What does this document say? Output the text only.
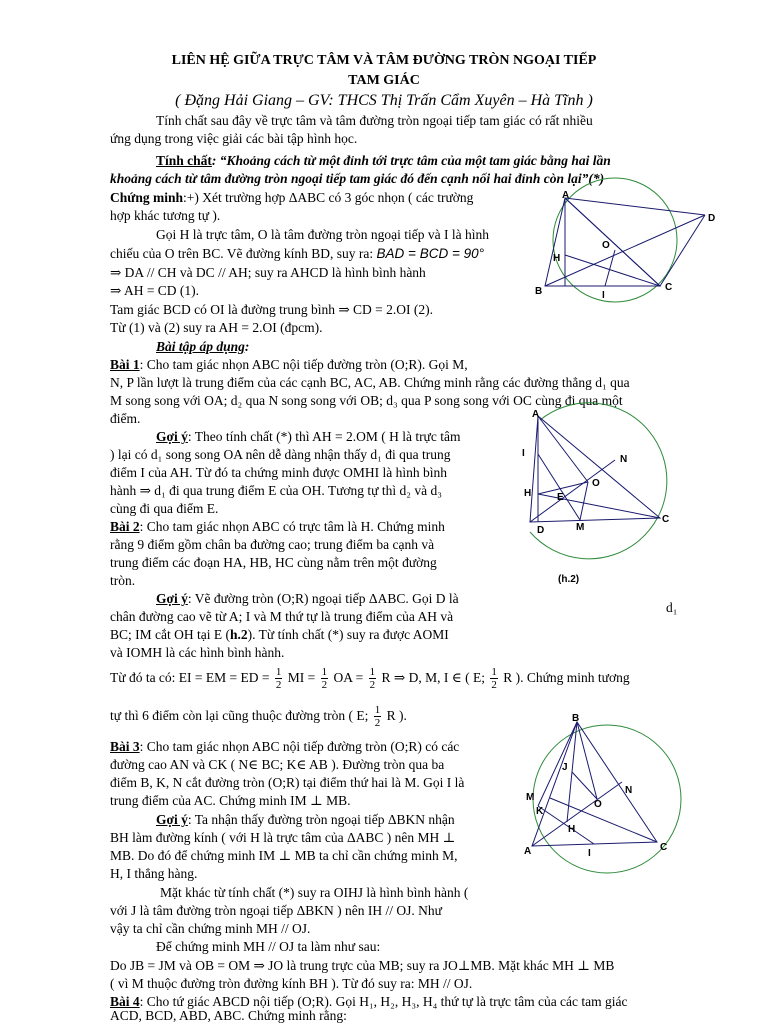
LIÊN HỆ GIỮA TRỰC TÂM VÀ TÂM ĐƯỜNG TRÒN NGOẠI TIẾP
TAM GIÁC
( Đặng Hải Giang – GV: THCS Thị Trấn Cẩm Xuyên – Hà Tĩnh )
Tính chất sau đây về trực tâm và tâm đường tròn ngoại tiếp tam giác có rất nhiều
ứng dụng trong việc giải các bài tập hình học.
Tính chất: “Khoảng cách từ một đỉnh tới trực tâm của một tam giác bằng hai lần
khoảng cách từ tâm đường tròn ngoại tiếp tam giác đó đến cạnh nối hai đỉnh còn lại”(*)
Chứng minh:+) Xét trường hợp ΔABC có 3 góc nhọn ( các trường
hợp khác tương tự ).
Gọi H là trực tâm, O là tâm đường tròn ngoại tiếp và I là hình
chiếu của O trên BC. Vẽ đường kính BD, suy ra: BAD = BCD = 90°
⇒ DA // CH và DC // AH; suy ra AHCD là hình bình hành
⇒ AH = CD (1).
Tam giác BCD có OI là đường trung bình ⇒ CD = 2.OI (2).
Từ (1) và (2) suy ra AH = 2.OI (đpcm).
A
B	C
D
H
O
I
Bài tập áp dụng:
Bài 1: Cho tam giác nhọn ABC nội tiếp đường tròn (O;R). Gọi M,
N, P lần lượt là trung điểm của các cạnh BC, AC, AB. Chứng minh rằng các đường thẳng d₁ qua
M song song với OA; d₂ qua N song song với OB; d₃ qua P song song với OC cùng đi qua một
điểm.
Gợi ý: Theo tính chất (*) thì AH = 2.OM ( H là trực tâm
) lại có d₁ song song OA nên dễ dàng nhận thấy d₁ đi qua trung
điểm I của AH. Từ đó ta chứng minh được OMHI là hình bình
hành ⇒ d₁ đi qua trung điểm E của OH. Tương tự thì d₂ và d₃
cùng đi qua điểm E.
A
I
N
H	E
O
D	M
C
(h.2)
Bài 2: Cho tam giác nhọn ABC có trực tâm là H. Chứng minh
rằng 9 điểm gồm chân ba đường cao; trung điểm ba cạnh và
trung điểm các đoạn HA, HB, HC cùng nằm trên một đường
tròn.
Gợi ý: Vẽ đường tròn (O;R) ngoại tiếp ΔABC. Gọi D là
d₁
chân đường cao vẽ từ A; I và M thứ tự là trung điểm của AH và
BC; IM cắt OH tại E (h.2). Từ tính chất (*) suy ra được AOMI
và IOMH là các hình bình hành.
Từ đó ta có: EI = EM = ED = $\frac{1}{2}$ MI = $\frac{1}{2}$ OA = $\frac{1}{2}$ R ⇒ D, M, I ∈ ( E; $\frac{1}{2}$ R ). Chứng minh tương
tự thì 6 điểm còn lại cũng thuộc đường tròn ( E; $\frac{1}{2}$ R ).	B
J
M
K
O
N
H
A	I
C
Bài 3: Cho tam giác nhọn ABC nội tiếp đường tròn (O;R) có các
đường cao AN và CK ( N∈ BC; K∈ AB ). Đường tròn qua ba
điểm B, K, N cắt đường tròn (O;R) tại điểm thứ hai là M. Gọi I là
trung điểm của AC. Chứng minh IM ⊥ MB.
Gợi ý: Ta nhận thấy đường tròn ngoại tiếp ΔBKN nhận
BH làm đường kính ( với H là trực tâm của ΔABC ) nên MH ⊥
MB. Do đó để chứng minh IM ⊥ MB ta chỉ cần chứng minh M,
H, I thẳng hàng.
Mặt khác từ tính chất (*) suy ra OIHJ là hình bình hành (
với J là tâm đường tròn ngoại tiếp ΔBKN ) nên IH // OJ. Như
vậy ta chỉ cần chứng minh MH // OJ.
Để chứng minh MH // OJ ta làm như sau:
Do JB = JM và OB = OM ⇒ JO là trung trực của MB; suy ra JO⊥MB. Mặt khác MH ⊥ MB
( vì M thuộc đường tròn đường kính BH ). Từ đó suy ra: MH // OJ.
Bài 4: Cho tứ giác ABCD nội tiếp (O;R). Gọi H₁, H₂, H₃, H₄ thứ tự là trực tâm của các tam giác
ACD, BCD, ABD, ABC. Chứng minh rằng:
